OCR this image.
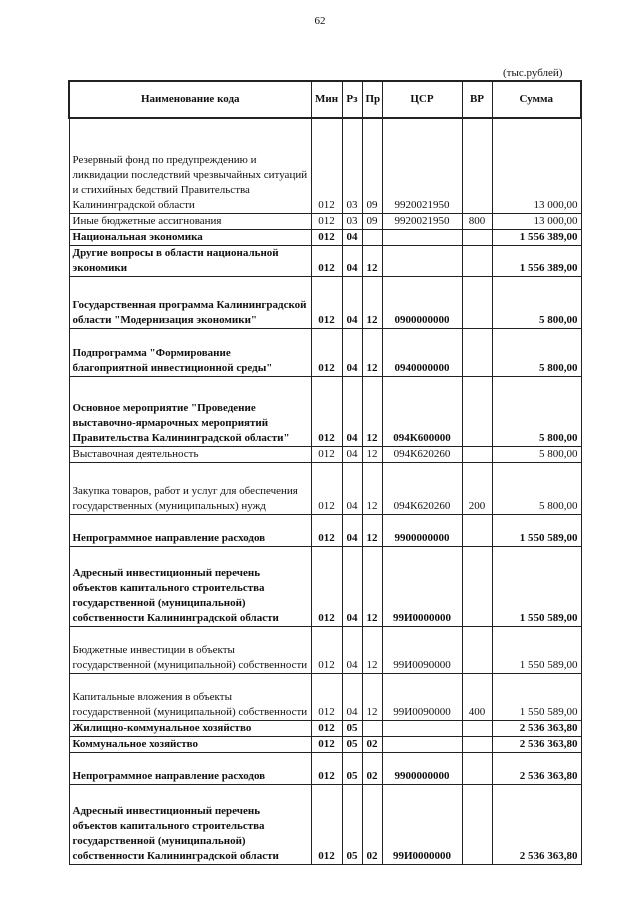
62
(тыс.рублей)
Наименование кода	Мин	Рз	Пр	ЦСР	ВР	Сумма
Резервный фонд по предупреждению и ликвидации последствий чрезвычайных ситуаций и стихийных бедствий Правительства Калининградской области	012	03	09	9920021950		13 000,00
Иные бюджетные ассигнования	012	03	09	9920021950	800	13 000,00
Национальная экономика	012	04				1 556 389,00
Другие вопросы в области национальной экономики	012	04	12			1 556 389,00
Государственная программа Калининградской области "Модернизация экономики"	012	04	12	0900000000		5 800,00
Подпрограмма "Формирование благоприятной инвестиционной среды"	012	04	12	0940000000		5 800,00
Основное мероприятие "Проведение выставочно-ярмарочных мероприятий Правительства Калининградской области"	012	04	12	094К600000		5 800,00
Выставочная деятельность	012	04	12	094К620260		5 800,00
Закупка товаров, работ и услуг для обеспечения государственных (муниципальных) нужд	012	04	12	094К620260	200	5 800,00
Непрограммное направление расходов	012	04	12	9900000000		1 550 589,00
Адресный инвестиционный перечень объектов капитального строительства государственной (муниципальной) собственности Калининградской области	012	04	12	99И0000000		1 550 589,00
Бюджетные инвестиции в объекты государственной (муниципальной) собственности	012	04	12	99И0090000		1 550 589,00
Капитальные вложения в объекты государственной (муниципальной) собственности	012	04	12	99И0090000	400	1 550 589,00
Жилищно-коммунальное хозяйство	012	05				2 536 363,80
Коммунальное хозяйство	012	05	02			2 536 363,80
Непрограммное направление расходов	012	05	02	9900000000		2 536 363,80
Адресный инвестиционный перечень объектов капитального строительства государственной (муниципальной) собственности Калининградской области	012	05	02	99И0000000		2 536 363,80
